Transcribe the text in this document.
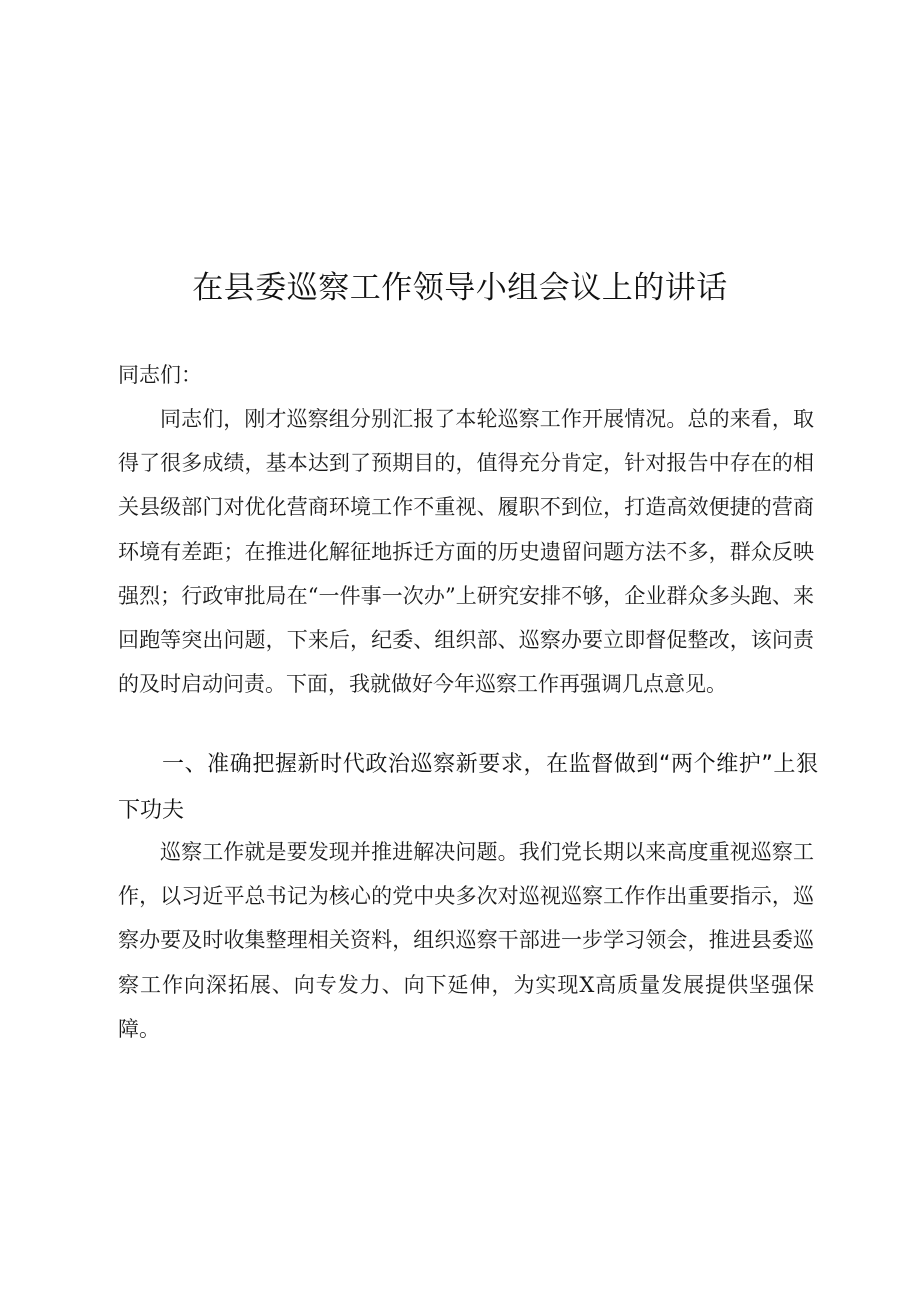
在县委巡察工作领导小组会议上的讲话

同志们：

同志们，刚才巡察组分别汇报了本轮巡察工作开展情况。总的来看，取得了很多成绩，基本达到了预期目的，值得充分肯定，针对报告中存在的相关县级部门对优化营商环境工作不重视、履职不到位，打造高效便捷的营商环境有差距；在推进化解征地拆迁方面的历史遗留问题方法不多，群众反映强烈；行政审批局在“一件事一次办”上研究安排不够，企业群众多头跑、来回跑等突出问题，下来后，纪委、组织部、巡察办要立即督促整改，该问责的及时启动问责。下面，我就做好今年巡察工作再强调几点意见。

一、准确把握新时代政治巡察新要求，在监督做到“两个维护”上狠下功夫

巡察工作就是要发现并推进解决问题。我们党长期以来高度重视巡察工作，以习近平总书记为核心的党中央多次对巡视巡察工作作出重要指示，巡察办要及时收集整理相关资料，组织巡察干部进一步学习领会，推进县委巡察工作向深拓展、向专发力、向下延伸，为实现X高质量发展提供坚强保障。
